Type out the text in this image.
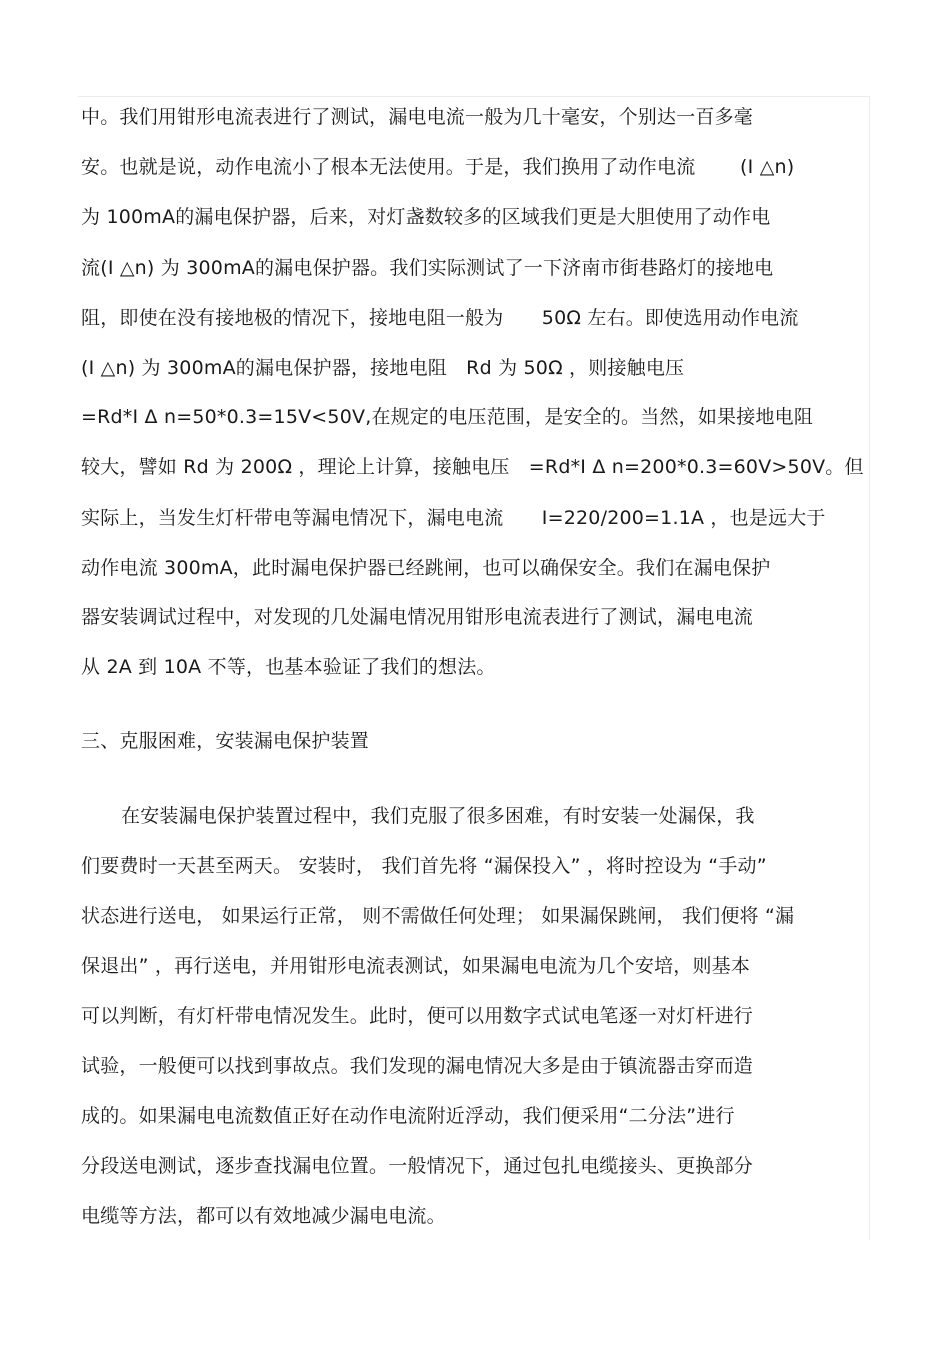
中。我们用钳形电流表进行了测试，漏电电流一般为几十毫安，个别达一百多毫
安。也就是说，动作电流小了根本无法使用。于是，我们换用了动作电流　　 (I △n)
为 100mA的漏电保护器，后来，对灯盏数较多的区域我们更是大胆使用了动作电
流(I △n) 为 300mA的漏电保护器。我们实际测试了一下济南市街巷路灯的接地电
阻，即使在没有接地极的情况下，接地电阻一般为　　50Ω 左右。即使选用动作电流
(I △n) 为 300mA的漏电保护器，接地电阻　Rd 为 50Ω ，则接触电压
=Rd*I Δ n=50*0.3=15V<50V,在规定的电压范围，是安全的。当然，如果接地电阻
较大，譬如 Rd 为 200Ω ，理论上计算，接触电压　=Rd*I Δ n=200*0.3=60V>50V。但
实际上，当发生灯杆带电等漏电情况下，漏电电流　　I=220/200=1.1A ，也是远大于
动作电流 300mA，此时漏电保护器已经跳闸，也可以确保安全。我们在漏电保护
器安装调试过程中，对发现的几处漏电情况用钳形电流表进行了测试，漏电电流
从 2A 到 10A 不等，也基本验证了我们的想法。
三、克服困难，安装漏电保护装置
在安装漏电保护装置过程中，我们克服了很多困难，有时安装一处漏保，我
们要费时一天甚至两天。 安装时， 我们首先将 “漏保投入” ，将时控设为 “手动”
状态进行送电， 如果运行正常， 则不需做任何处理； 如果漏保跳闸， 我们便将 “漏
保退出” ，再行送电，并用钳形电流表测试，如果漏电电流为几个安培，则基本
可以判断，有灯杆带电情况发生。此时，便可以用数字式试电笔逐一对灯杆进行
试验，一般便可以找到事故点。我们发现的漏电情况大多是由于镇流器击穿而造
成的。如果漏电电流数值正好在动作电流附近浮动，我们便采用“二分法”进行
分段送电测试，逐步查找漏电位置。一般情况下，通过包扎电缆接头、更换部分
电缆等方法，都可以有效地减少漏电电流。
